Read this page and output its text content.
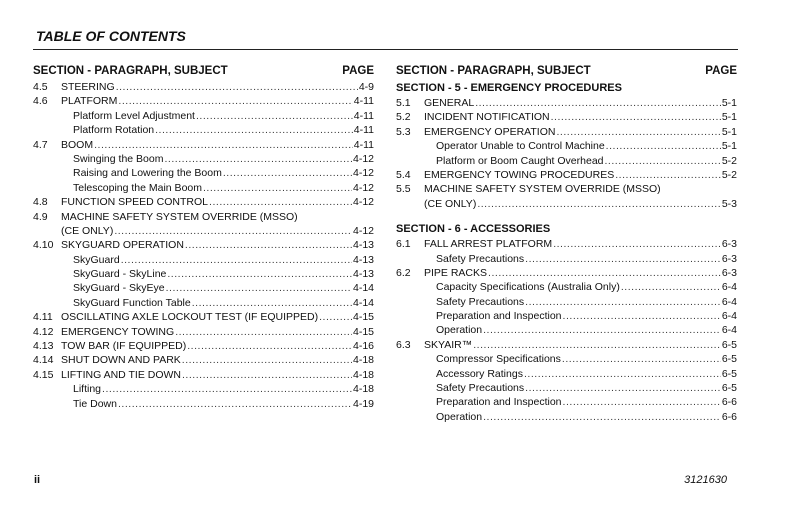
TABLE OF CONTENTS
SECTION - PARAGRAPH, SUBJECT	PAGE
4.5	STEERING . . .	4-9
4.6	PLATFORM . . .	4-11
Platform Level Adjustment . . .	4-11
Platform Rotation . . .	4-11
4.7	BOOM . . .	4-11
Swinging the Boom . . .	4-12
Raising and Lowering the Boom . . .	4-12
Telescoping the Main Boom . . .	4-12
4.8	FUNCTION SPEED CONTROL . . .	4-12
4.9	MACHINE SAFETY SYSTEM OVERRIDE (MSSO)
(CE ONLY) . . .	4-12
4.10 SKYGUARD OPERATION . . .	4-13
SkyGuard . . .	4-13
SkyGuard - SkyLine . . .	4-13
SkyGuard - SkyEye . . .	4-14
SkyGuard Function Table . . .	4-14
4.11 OSCILLATING AXLE LOCKOUT TEST (IF EQUIPPED) . . .	4-15
4.12 EMERGENCY TOWING . . .	4-15
4.13 TOW BAR (IF EQUIPPED) . . .	4-16
4.14 SHUT DOWN AND PARK . . .	4-18
4.15 LIFTING AND TIE DOWN . . .	4-18
Lifting . . .	4-18
Tie Down . . .	4-19
SECTION - PARAGRAPH, SUBJECT	PAGE
SECTION - 5 - EMERGENCY PROCEDURES
5.1	GENERAL . . .	5-1
5.2	INCIDENT NOTIFICATION . . .	5-1
5.3	EMERGENCY OPERATION . . .	5-1
Operator Unable to Control Machine . . .	5-1
Platform or Boom Caught Overhead . . .	5-2
5.4	EMERGENCY TOWING PROCEDURES . . .	5-2
5.5	MACHINE SAFETY SYSTEM OVERRIDE (MSSO)
(CE ONLY) . . .	5-3
SECTION - 6 - ACCESSORIES
6.1	FALL ARREST PLATFORM . . .	6-3
Safety Precautions . . .	6-3
6.2	PIPE RACKS . . .	6-3
Capacity Specifications (Australia Only) . . .	6-4
Safety Precautions . . .	6-4
Preparation and Inspection . . .	6-4
Operation . . .	6-4
6.3	SKYAIR™ . . .	6-5
Compressor Specifications . . .	6-5
Accessory Ratings . . .	6-5
Safety Precautions . . .	6-5
Preparation and Inspection . . .	6-6
Operation . . .	6-6
ii	3121630
